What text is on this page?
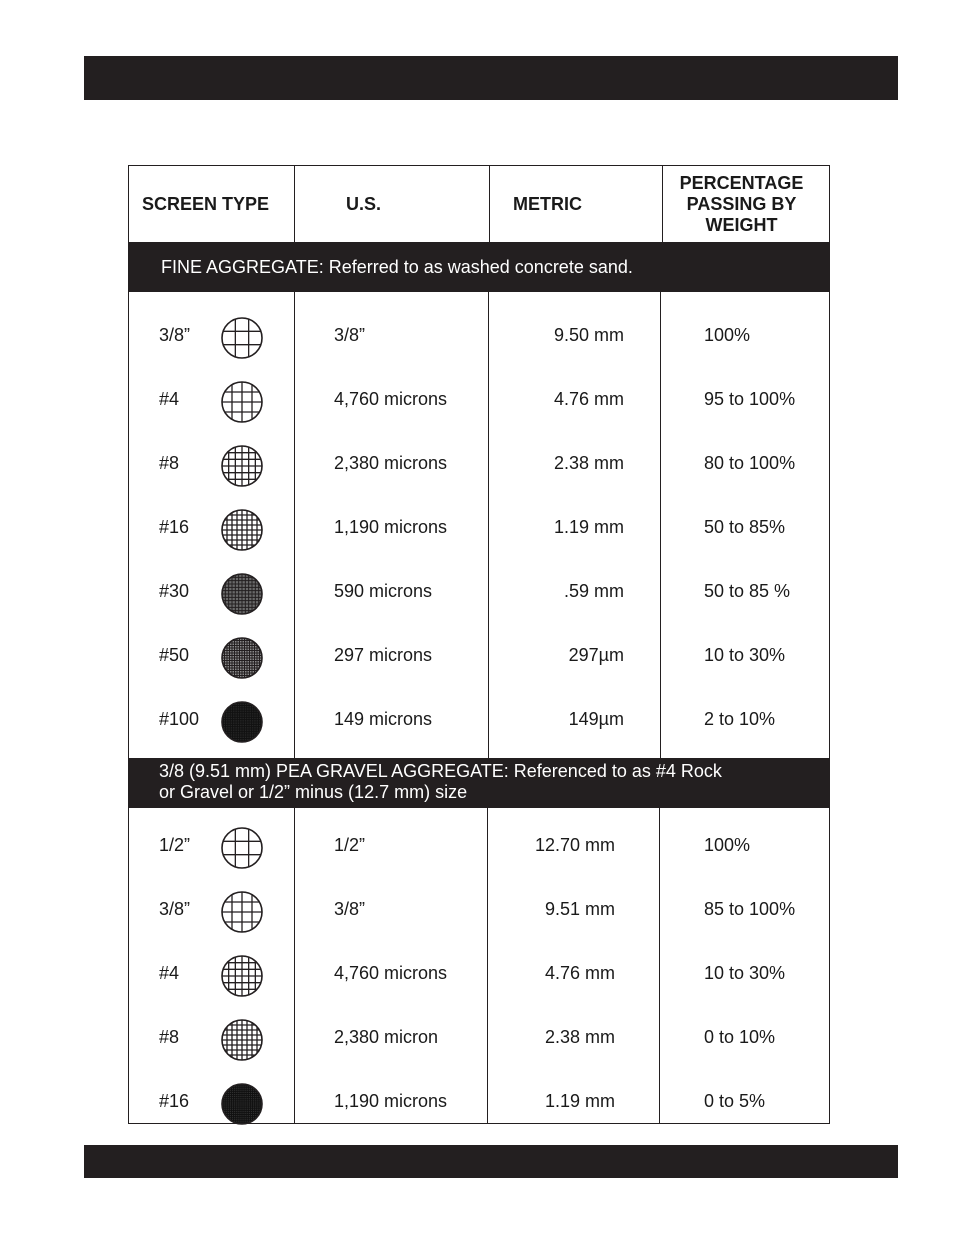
SCREEN TYPE	U.S.	METRIC
PERCENTAGE
PASSING BY
WEIGHT
FINE AGGREGATE: Referred to as washed concrete sand.
3/8”	3/8”	9.50 mm	100%
#4	4,760 microns	4.76 mm	95 to 100%
#8	2,380 microns	2.38 mm	80 to 100%
#16	1,190 microns	1.19 mm	50 to 85%
#30	590 microns	.59 mm	50 to 85 %
#50	297 microns	297µm	10 to 30%
#100	149 microns	149µm	2 to 10%
3/8 (9.51 mm) PEA GRAVEL AGGREGATE: Referenced to as #4 Rock
or Gravel or 1/2” minus (12.7 mm) size
1/2”	1/2”	12.70 mm	100%
3/8”	3/8”	9.51 mm	85 to 100%
#4	4,760 microns	4.76 mm	10 to 30%
#8	2,380 micron	2.38 mm	0 to 10%
#16	1,190 microns	1.19 mm	0 to 5%
